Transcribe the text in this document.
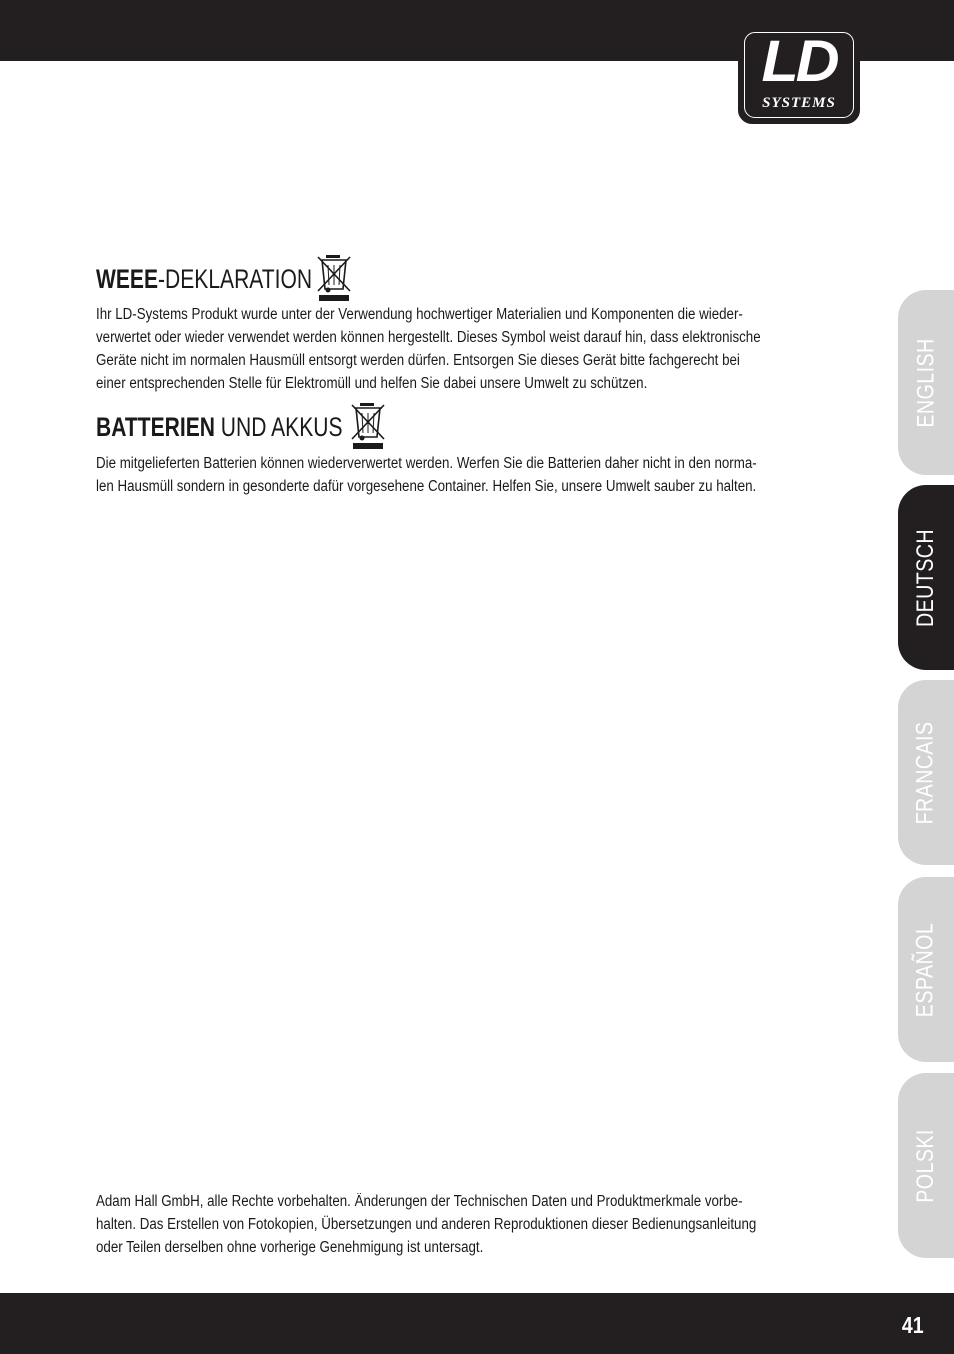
LD
SYSTEMS
WEEE-DEKLARATION
Ihr LD-Systems Produkt wurde unter der Verwendung hochwertiger Materialien und Komponenten die wieder-
verwertet oder wieder verwendet werden können hergestellt. Dieses Symbol weist darauf hin, dass elektronische
Geräte nicht im normalen Hausmüll entsorgt werden dürfen. Entsorgen Sie dieses Gerät bitte fachgerecht bei
einer entsprechenden Stelle für Elektromüll und helfen Sie dabei unsere Umwelt zu schützen.
BATTERIEN UND AKKUS
Die mitgelieferten Batterien können wiederverwertet werden. Werfen Sie die Batterien daher nicht in den norma-
len Hausmüll sondern in gesonderte dafür vorgesehene Container. Helfen Sie, unsere Umwelt sauber zu halten.
Adam Hall GmbH, alle Rechte vorbehalten. Änderungen der Technischen Daten und Produktmerkmale vorbe-
halten. Das Erstellen von Fotokopien, Übersetzungen und anderen Reproduktionen dieser Bedienungsanleitung
oder Teilen derselben ohne vorherige Genehmigung ist untersagt.
ENGLISH
DEUTSCH
FRANCAIS
ESPAÑOL
POLSKI
41
